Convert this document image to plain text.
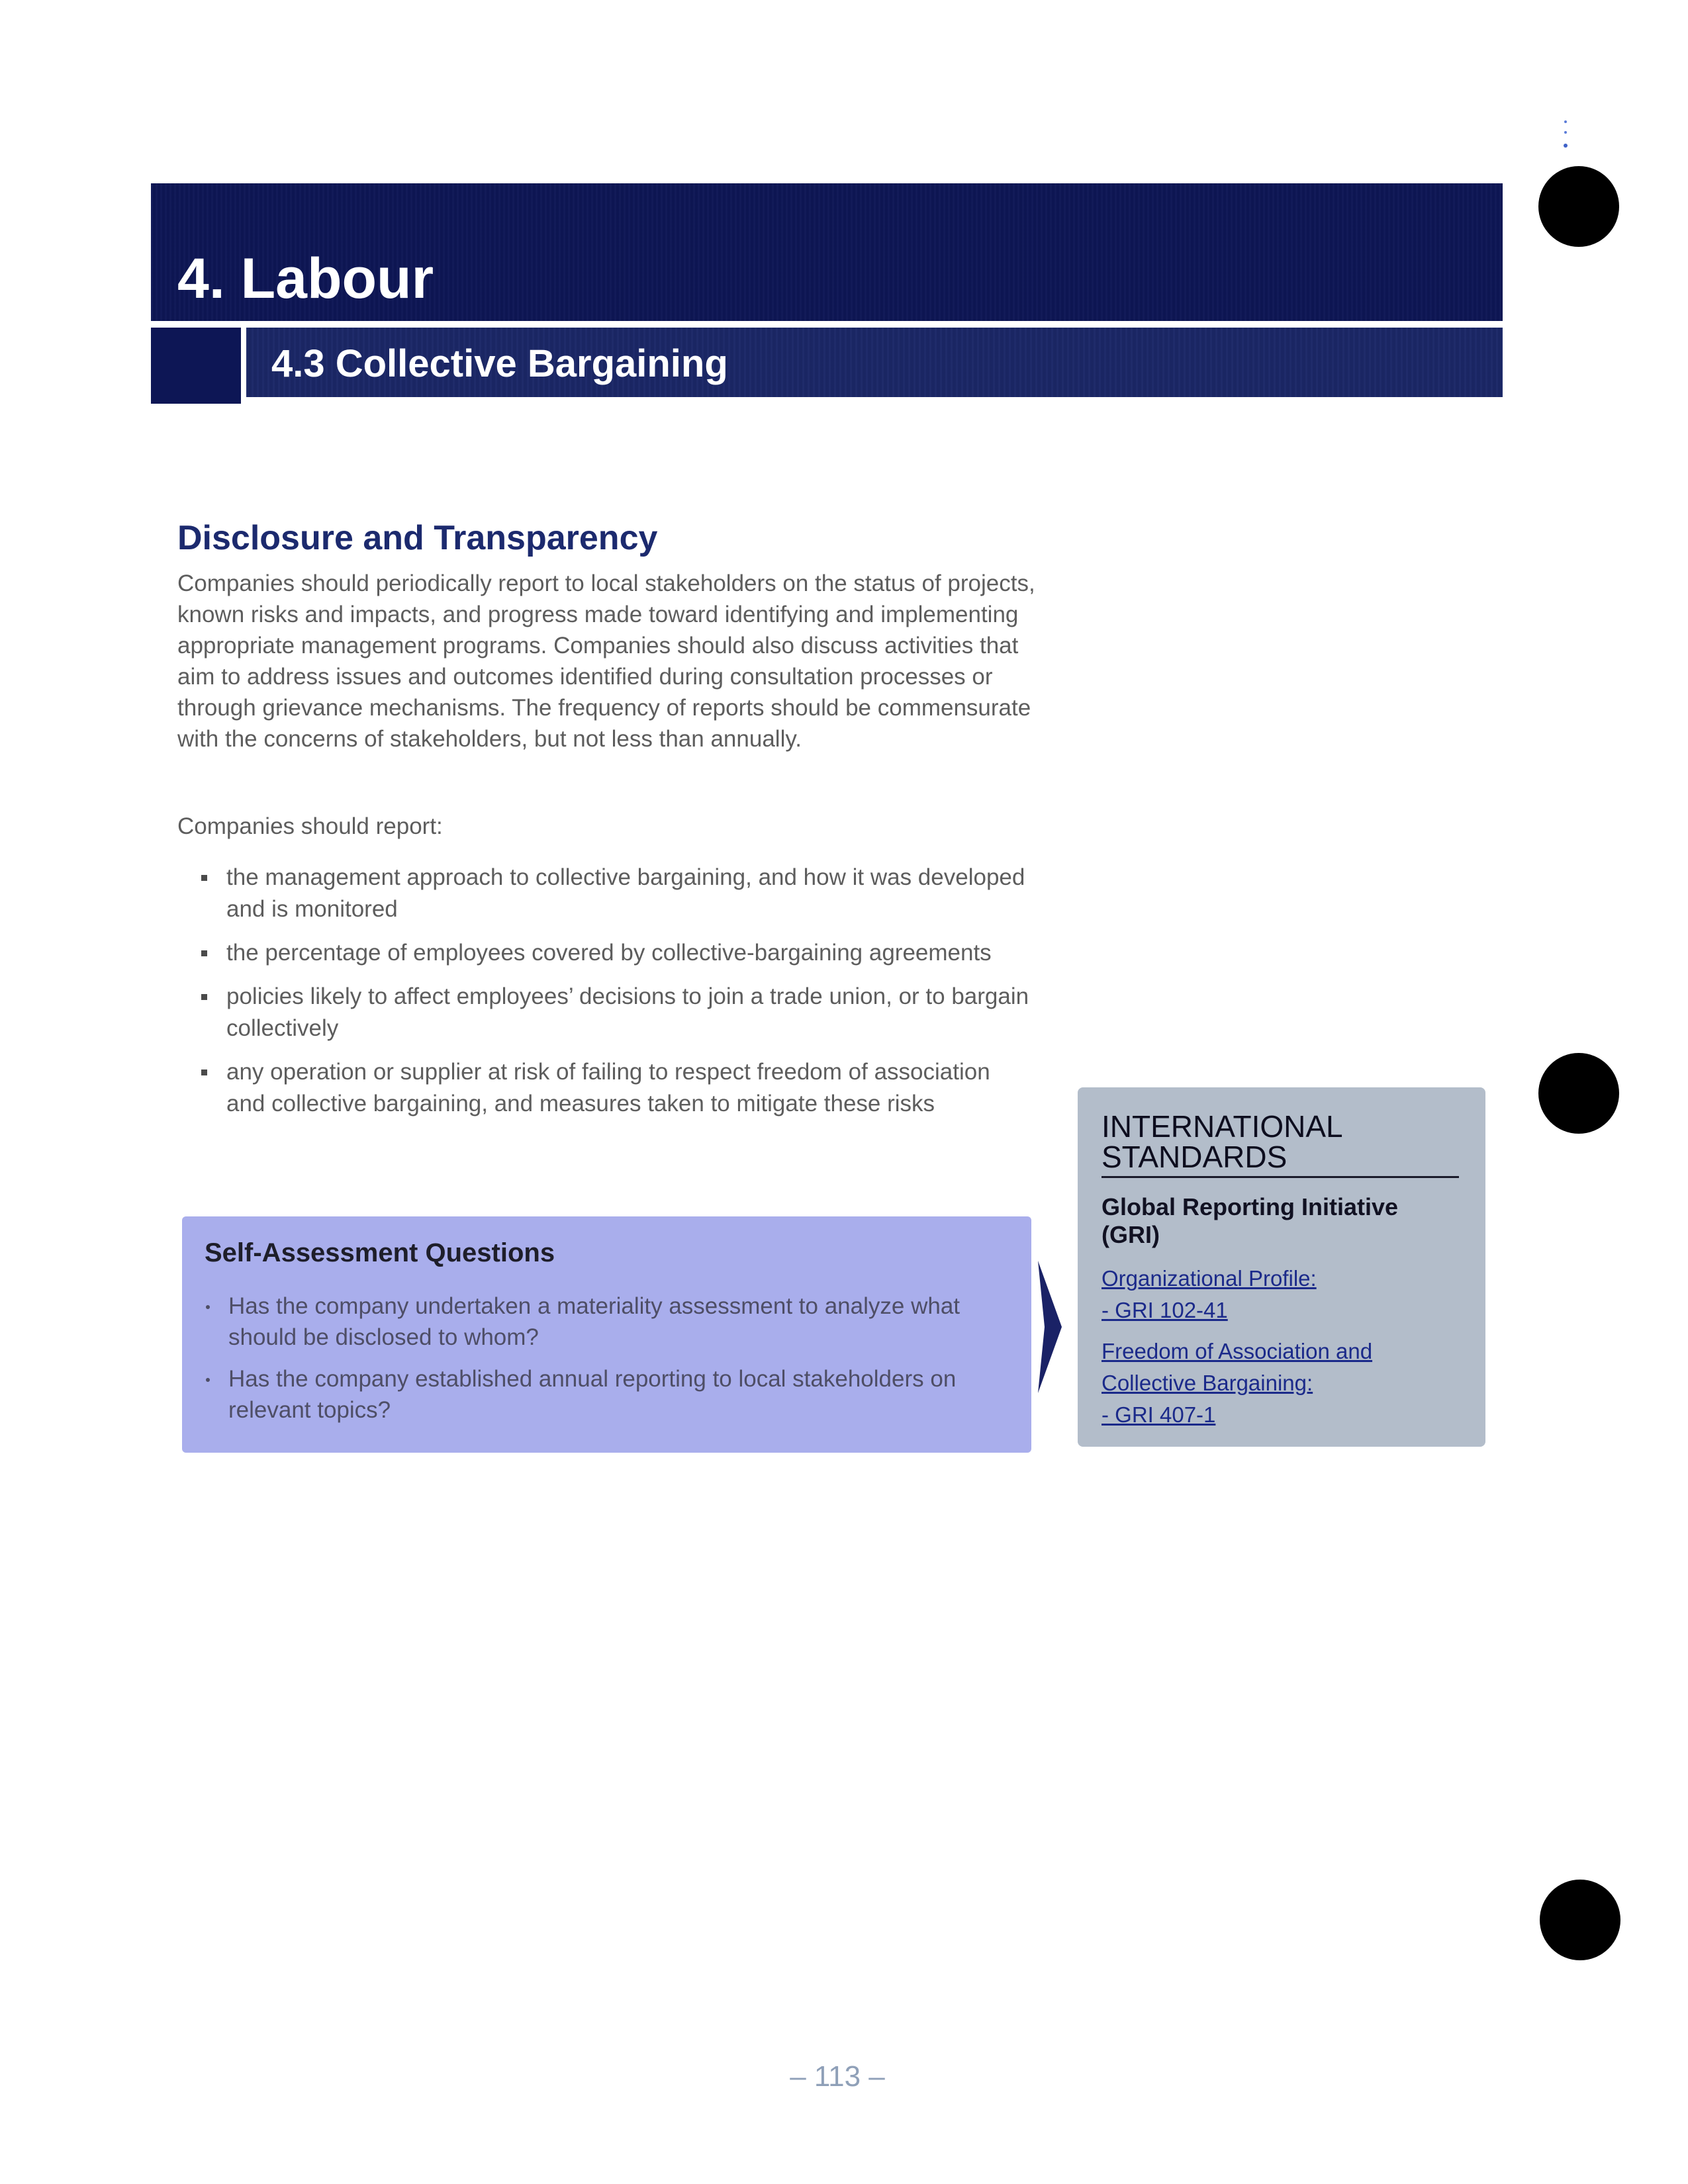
4. Labour
4.3 Collective Bargaining
Disclosure and Transparency

Companies should periodically report to local stakeholders on the status of projects, known risks and impacts, and progress made toward identifying and implementing appropriate management programs. Companies should also discuss activities that aim to address issues and outcomes identified during consultation processes or through grievance mechanisms. The frequency of reports should be commensurate with the concerns of stakeholders, but not less than annually.

Companies should report:

the management approach to collective bargaining, and how it was developed and is monitored
the percentage of employees covered by collective-bargaining agreements
policies likely to affect employees’ decisions to join a trade union, or to bargain collectively
any operation or supplier at risk of failing to respect freedom of association and collective bargaining, and measures taken to mitigate these risks
Self-Assessment Questions
Has the company undertaken a materiality assessment to analyze what should be disclosed to whom?
Has the company established annual reporting to local stakeholders on relevant topics?
INTERNATIONAL
STANDARDS

Global Reporting Initiative (GRI)

Organizational Profile:

- GRI 102-41

Freedom of Association and

Collective Bargaining:

- GRI 407-1

– 113 –
